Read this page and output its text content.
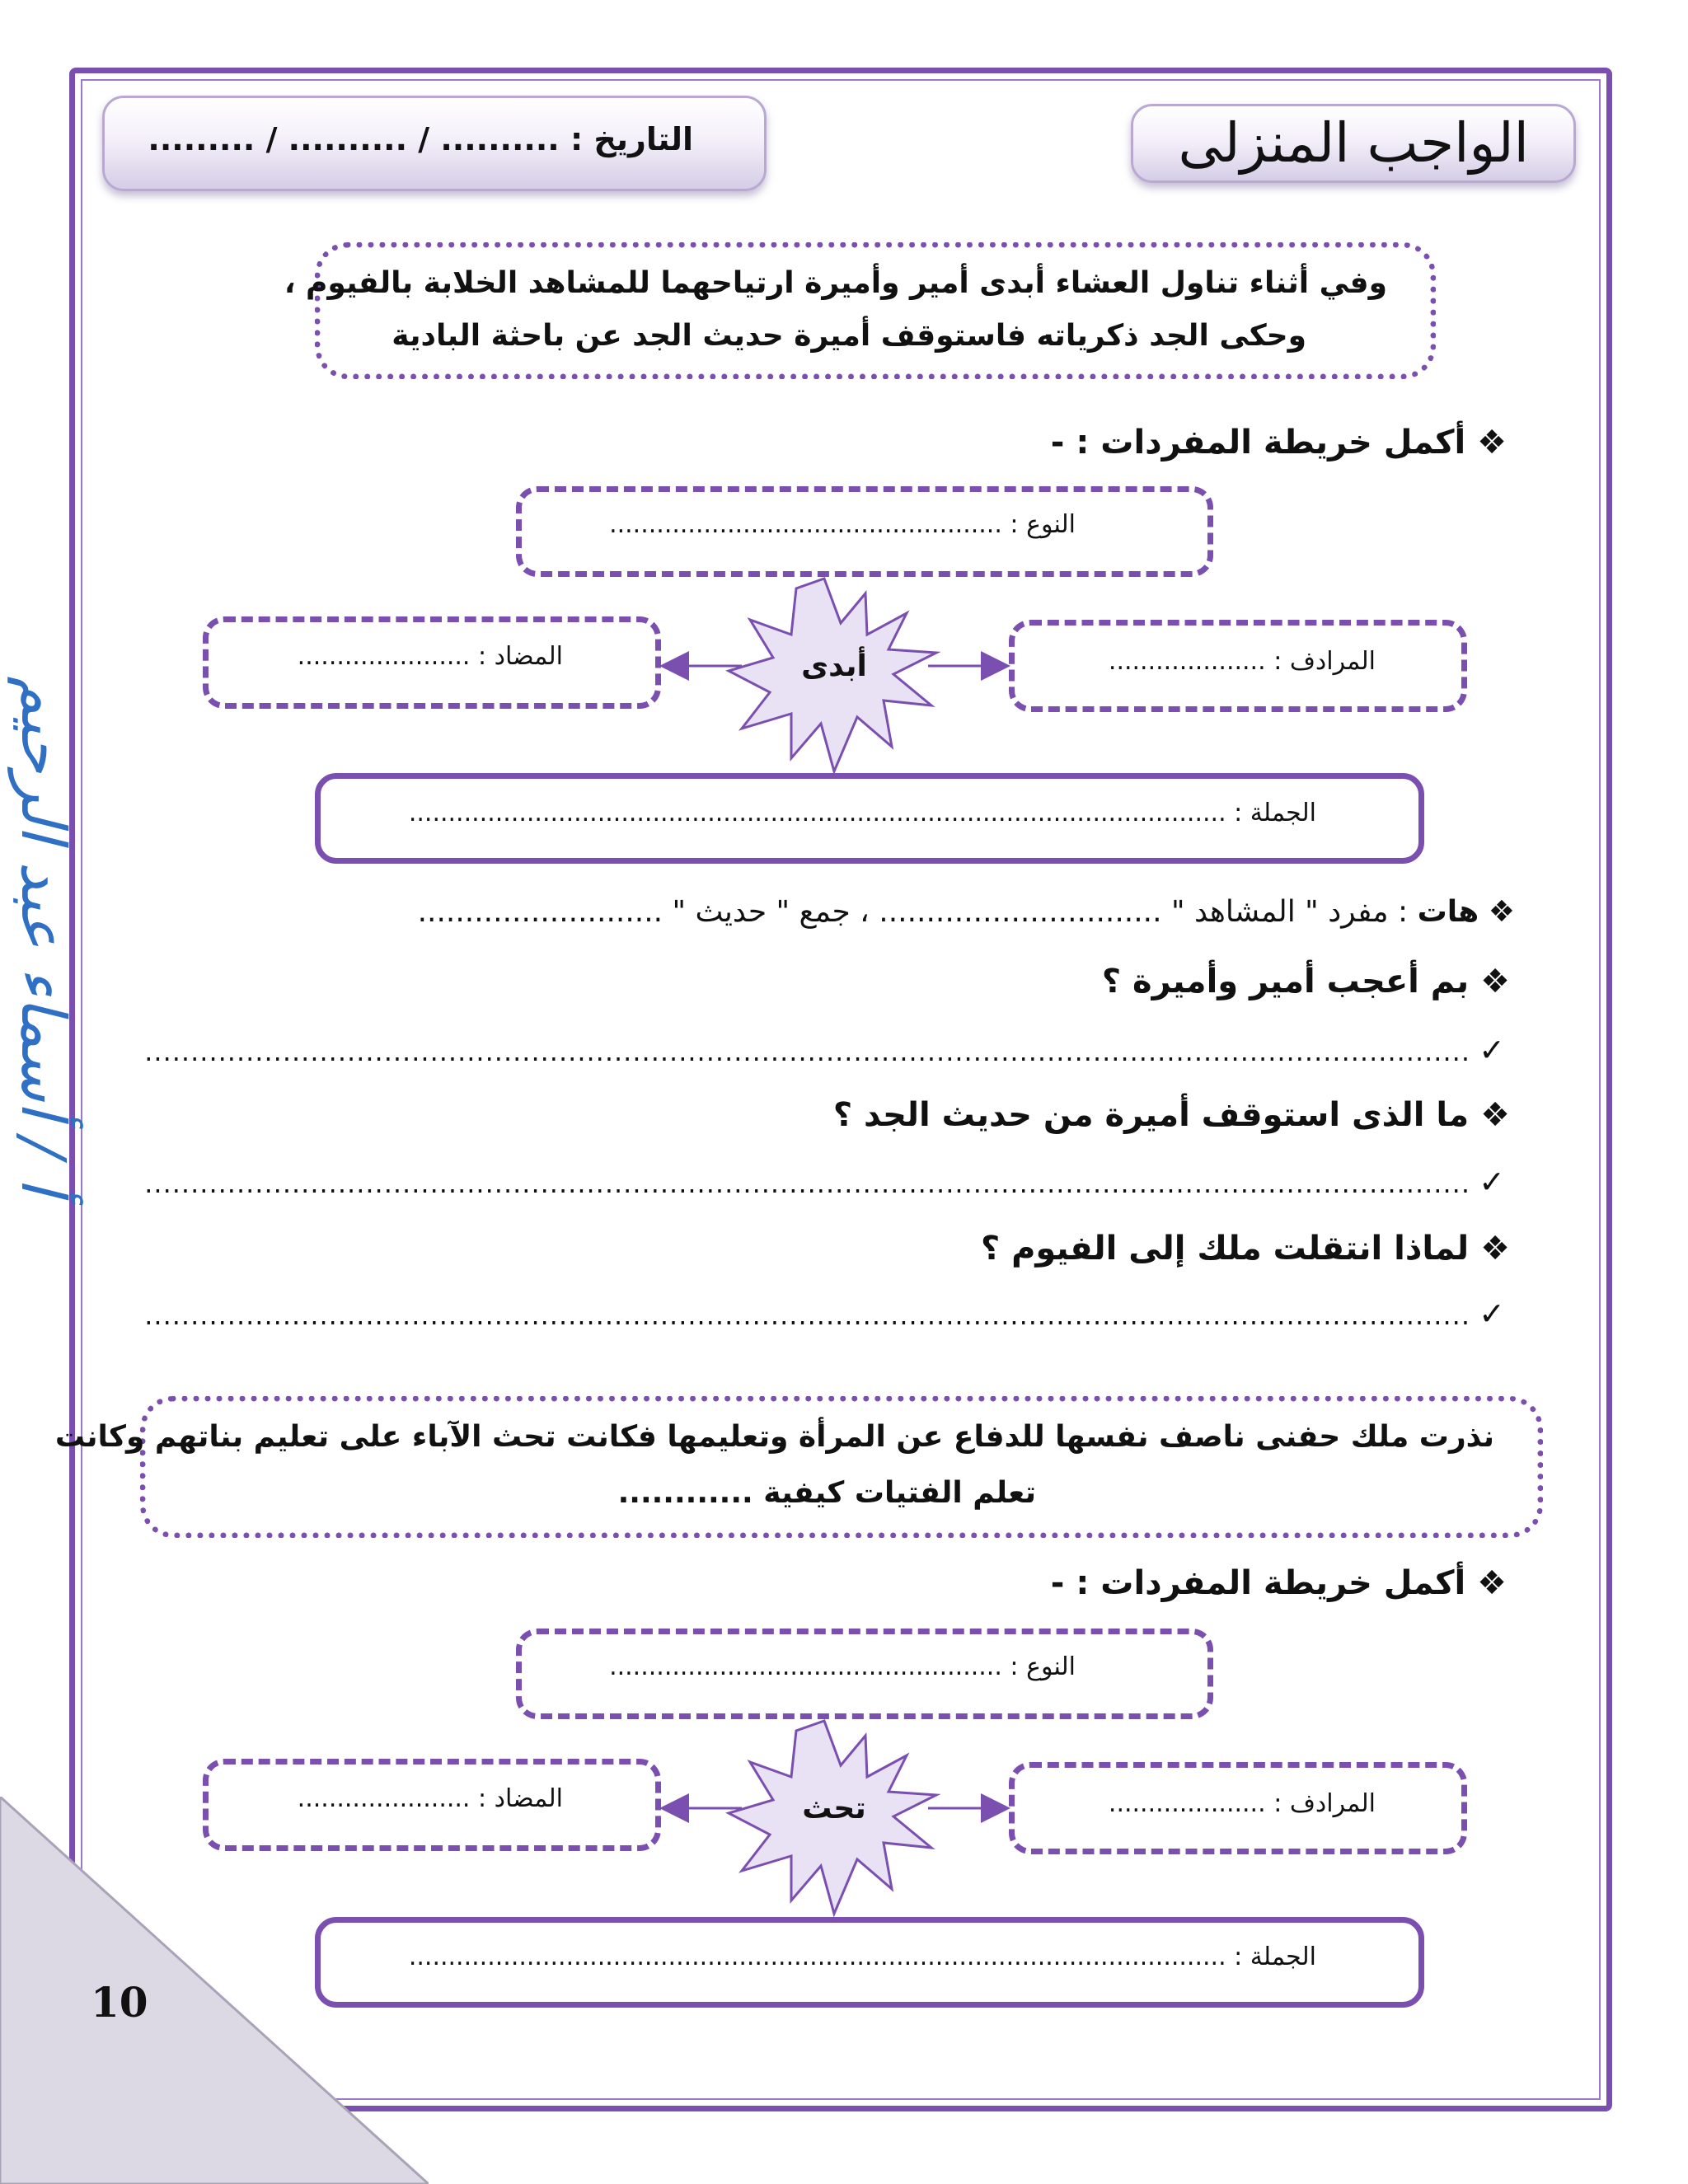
الواجب المنزلى
التاريخ : .......... / .......... / .........
وفي أثناء تناول العشاء أبدى أمير وأميرة ارتياحهما للمشاهد الخلابة بالفيوم ،
وحكى الجد ذكرياته فاستوقف أميرة حديث الجد عن باحثة البادية
❖ أكمل خريطة المفردات : -
النوع : ..................................................
المضاد : ......................	المرادف : ....................
أبدى
الجملة : ........................................................................................................
❖ هات : مفرد " المشاهد " .............................. ، جمع " حديث " ..........................
❖ بم أعجب أمير وأميرة ؟
✓ ................................................................................................................................................
❖ ما الذى استوقف أميرة من حديث الجد ؟
✓ ................................................................................................................................................
❖ لماذا انتقلت ملك إلى الفيوم ؟
✓ ................................................................................................................................................
نذرت ملك حفنى ناصف نفسها للدفاع عن المرأة وتعليمها فكانت تحث الآباء على تعليم بناتهم وكانت
تعلم الفتيات كيفية ............
❖ أكمل خريطة المفردات : -
النوع : ..................................................
المضاد : ......................	المرادف : ....................
تحث
الجملة : ........................................................................................................
أ / أسماء عبد الرحيم
10
